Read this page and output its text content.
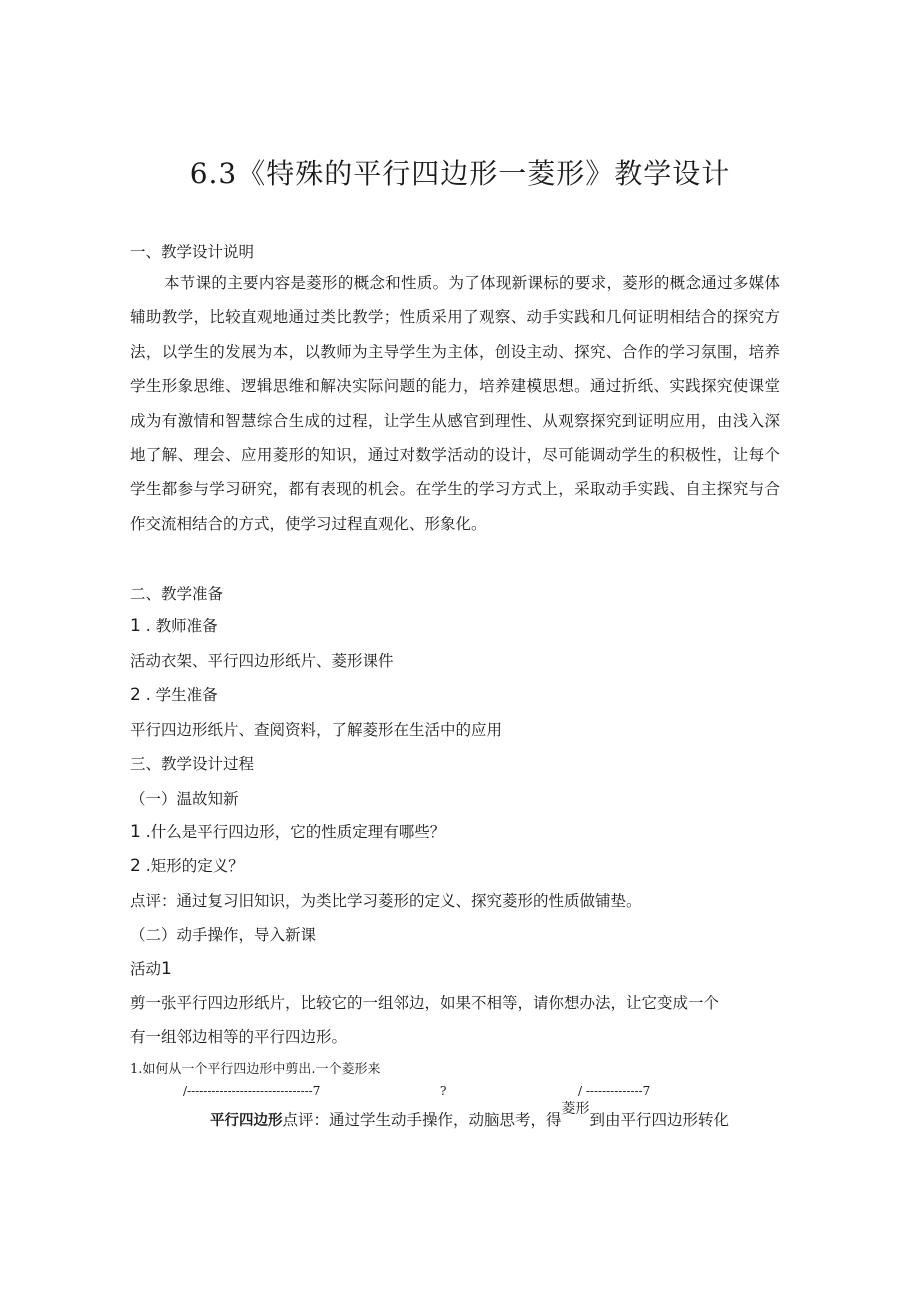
6.3《特殊的平行四边形一菱形》教学设计
一、教学设计说明
本节课的主要内容是菱形的概念和性质。为了体现新课标的要求，菱形的概念通过多媒体辅助教学，比较直观地通过类比教学；性质采用了观察、动手实践和几何证明相结合的探究方法，以学生的发展为本，以教师为主导学生为主体，创设主动、探究、合作的学习氛围，培养学生形象思维、逻辑思维和解决实际问题的能力，培养建模思想。通过折纸、实践探究使课堂成为有激情和智慧综合生成的过程，让学生从感官到理性、从观察探究到证明应用，由浅入深地了解、理会、应用菱形的知识，通过对数学活动的设计，尽可能调动学生的积极性，让每个学生都参与学习研究，都有表现的机会。在学生的学习方式上，采取动手实践、自主探究与合作交流相结合的方式，使学习过程直观化、形象化。
二、教学准备
1 . 教师准备
活动衣架、平行四边形纸片、菱形课件
2 . 学生准备
平行四边形纸片、查阅资料，了解菱形在生活中的应用
三、教学设计过程
（一）温故知新
1 .什么是平行四边形，它的性质定理有哪些？
2 .矩形的定义？
点评：通过复习旧知识，为类比学习菱形的定义、探究菱形的性质做铺垫。
（二）动手操作，导入新课
活动1
剪一张平行四边形纸片，比较它的一组邻边，如果不相等，请你想办法，让它变成一个
有一组邻边相等的平行四边形。
1.如何从一个平行四边形中剪出.一个菱形来
/-------------------------------7	?	/ --------------7
平行四边形点评：通过学生动手操作，动脑思考，得菱形到由平行四边形转化
